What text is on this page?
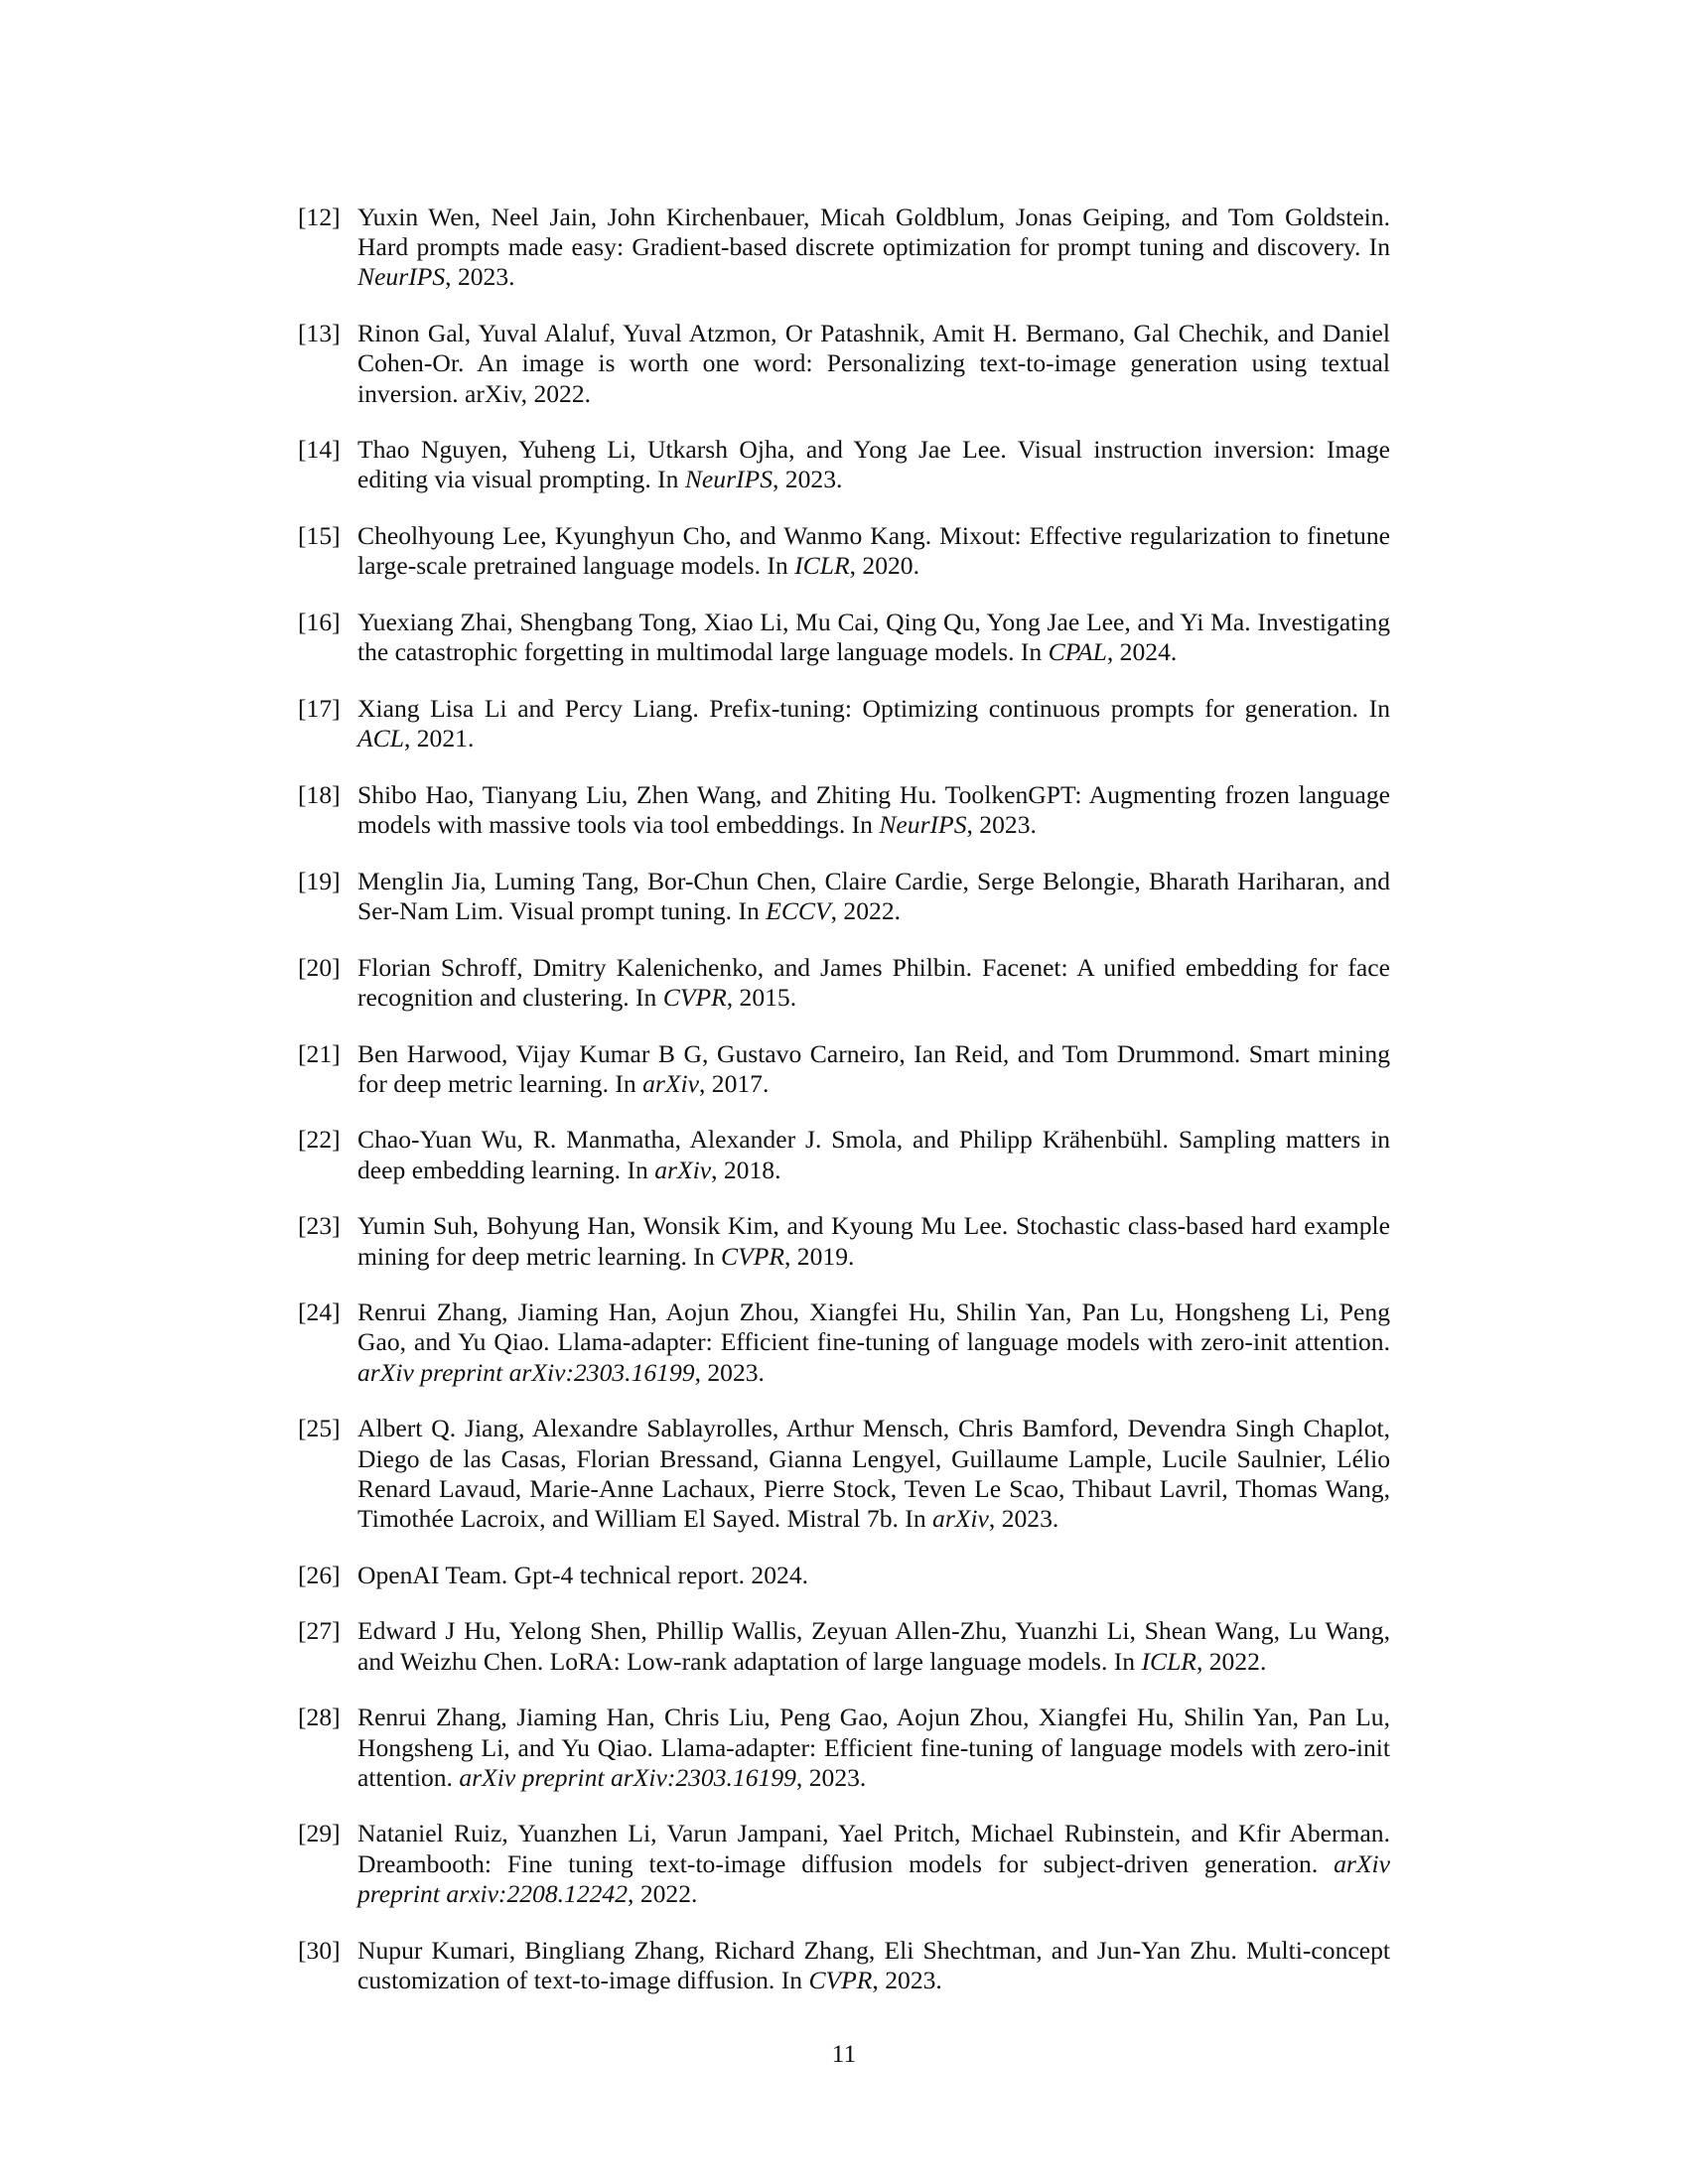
[12] Yuxin Wen, Neel Jain, John Kirchenbauer, Micah Goldblum, Jonas Geiping, and Tom Goldstein. Hard prompts made easy: Gradient-based discrete optimization for prompt tuning and discovery. In NeurIPS, 2023.
[13] Rinon Gal, Yuval Alaluf, Yuval Atzmon, Or Patashnik, Amit H. Bermano, Gal Chechik, and Daniel Cohen-Or. An image is worth one word: Personalizing text-to-image generation using textual inversion. arXiv, 2022.
[14] Thao Nguyen, Yuheng Li, Utkarsh Ojha, and Yong Jae Lee. Visual instruction inversion: Image editing via visual prompting. In NeurIPS, 2023.
[15] Cheolhyoung Lee, Kyunghyun Cho, and Wanmo Kang. Mixout: Effective regularization to finetune large-scale pretrained language models. In ICLR, 2020.
[16] Yuexiang Zhai, Shengbang Tong, Xiao Li, Mu Cai, Qing Qu, Yong Jae Lee, and Yi Ma. Investigating the catastrophic forgetting in multimodal large language models. In CPAL, 2024.
[17] Xiang Lisa Li and Percy Liang. Prefix-tuning: Optimizing continuous prompts for generation. In ACL, 2021.
[18] Shibo Hao, Tianyang Liu, Zhen Wang, and Zhiting Hu. ToolkenGPT: Augmenting frozen language models with massive tools via tool embeddings. In NeurIPS, 2023.
[19] Menglin Jia, Luming Tang, Bor-Chun Chen, Claire Cardie, Serge Belongie, Bharath Hariharan, and Ser-Nam Lim. Visual prompt tuning. In ECCV, 2022.
[20] Florian Schroff, Dmitry Kalenichenko, and James Philbin. Facenet: A unified embedding for face recognition and clustering. In CVPR, 2015.
[21] Ben Harwood, Vijay Kumar B G, Gustavo Carneiro, Ian Reid, and Tom Drummond. Smart mining for deep metric learning. In arXiv, 2017.
[22] Chao-Yuan Wu, R. Manmatha, Alexander J. Smola, and Philipp Krähenbühl. Sampling matters in deep embedding learning. In arXiv, 2018.
[23] Yumin Suh, Bohyung Han, Wonsik Kim, and Kyoung Mu Lee. Stochastic class-based hard example mining for deep metric learning. In CVPR, 2019.
[24] Renrui Zhang, Jiaming Han, Aojun Zhou, Xiangfei Hu, Shilin Yan, Pan Lu, Hongsheng Li, Peng Gao, and Yu Qiao. Llama-adapter: Efficient fine-tuning of language models with zero-init attention. arXiv preprint arXiv:2303.16199, 2023.
[25] Albert Q. Jiang, Alexandre Sablayrolles, Arthur Mensch, Chris Bamford, Devendra Singh Chaplot, Diego de las Casas, Florian Bressand, Gianna Lengyel, Guillaume Lample, Lucile Saulnier, Lélio Renard Lavaud, Marie-Anne Lachaux, Pierre Stock, Teven Le Scao, Thibaut Lavril, Thomas Wang, Timothée Lacroix, and William El Sayed. Mistral 7b. In arXiv, 2023.
[26] OpenAI Team. Gpt-4 technical report. 2024.
[27] Edward J Hu, Yelong Shen, Phillip Wallis, Zeyuan Allen-Zhu, Yuanzhi Li, Shean Wang, Lu Wang, and Weizhu Chen. LoRA: Low-rank adaptation of large language models. In ICLR, 2022.
[28] Renrui Zhang, Jiaming Han, Chris Liu, Peng Gao, Aojun Zhou, Xiangfei Hu, Shilin Yan, Pan Lu, Hongsheng Li, and Yu Qiao. Llama-adapter: Efficient fine-tuning of language models with zero-init attention. arXiv preprint arXiv:2303.16199, 2023.
[29] Nataniel Ruiz, Yuanzhen Li, Varun Jampani, Yael Pritch, Michael Rubinstein, and Kfir Aberman. Dreambooth: Fine tuning text-to-image diffusion models for subject-driven generation. arXiv preprint arxiv:2208.12242, 2022.
[30] Nupur Kumari, Bingliang Zhang, Richard Zhang, Eli Shechtman, and Jun-Yan Zhu. Multi-concept customization of text-to-image diffusion. In CVPR, 2023.
11
